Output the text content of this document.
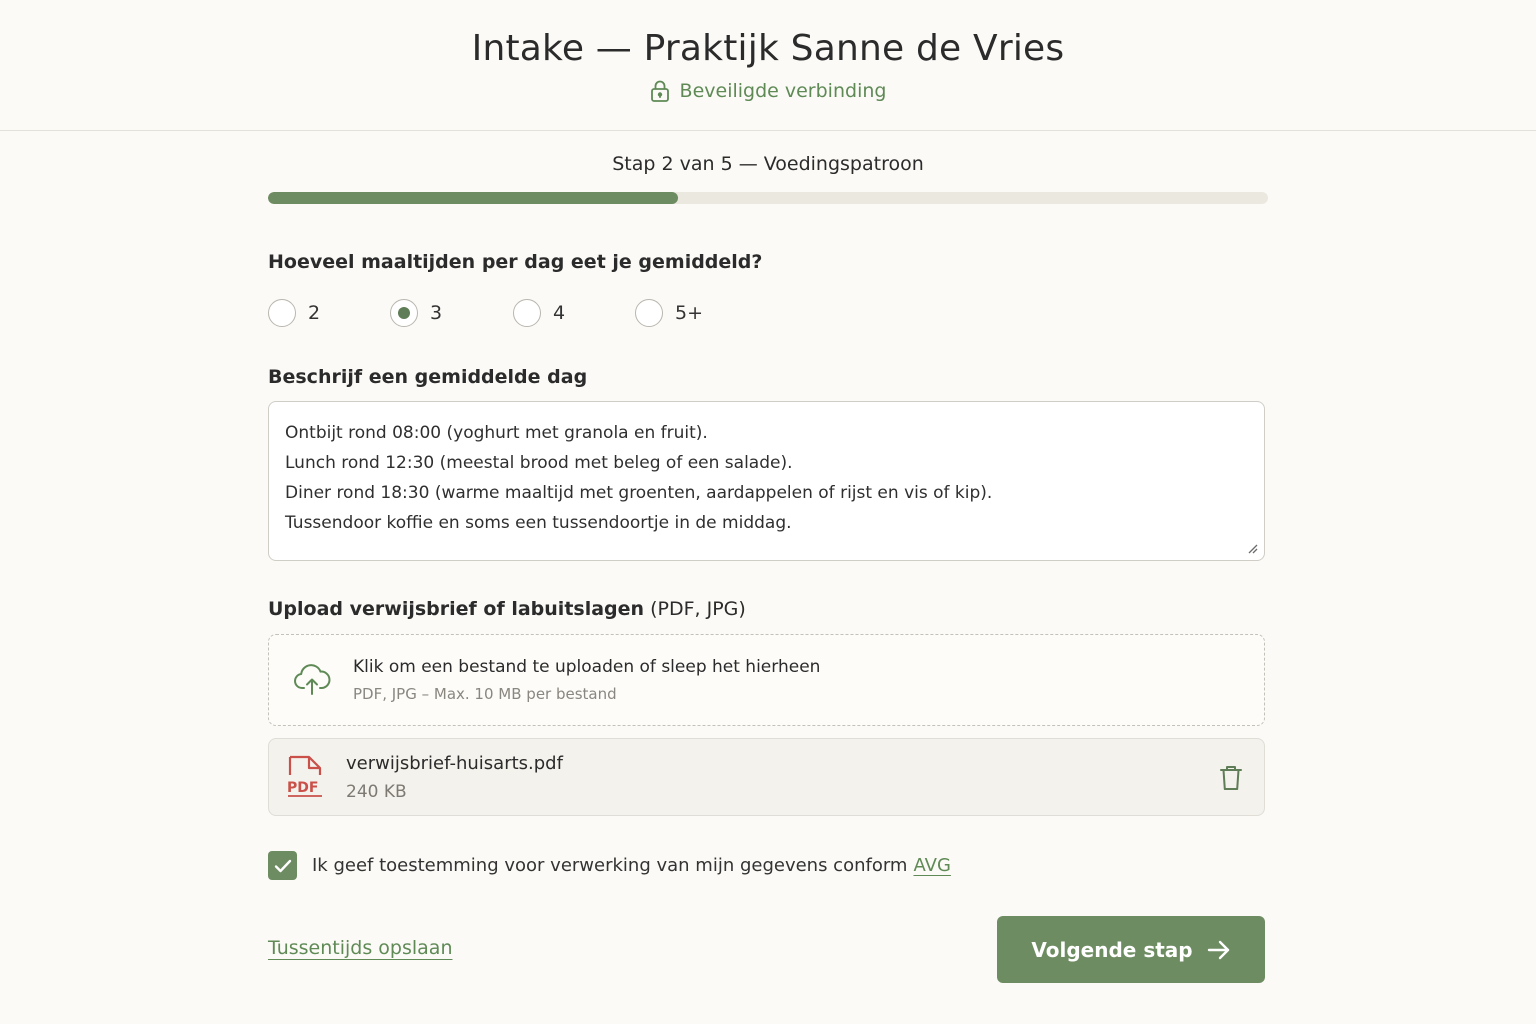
Intake — Praktijk Sanne de Vries
Beveiligde verbinding
Stap 2 van 5 — Voedingspatroon
Hoeveel maaltijden per dag eet je gemiddeld?
2	3	4	5+
Beschrijf een gemiddelde dag
Ontbijt rond 08:00 (yoghurt met granola en fruit). Lunch rond 12:30 (meestal brood met beleg of een salade). Diner rond 18:30 (warme maaltijd met groenten, aardappelen of rijst en vis of kip). Tussendoor koffie en soms een tussendoortje in de middag.
Upload verwijsbrief of labuitslagen (PDF, JPG)
Klik om een bestand te uploaden of sleep het hierheen
PDF, JPG – Max. 10 MB per bestand
PDF
verwijsbrief-huisarts.pdf
240 KB
Ik geef toestemming voor verwerking van mijn gegevens conform AVG
Tussentijds opslaan	Volgende stap
